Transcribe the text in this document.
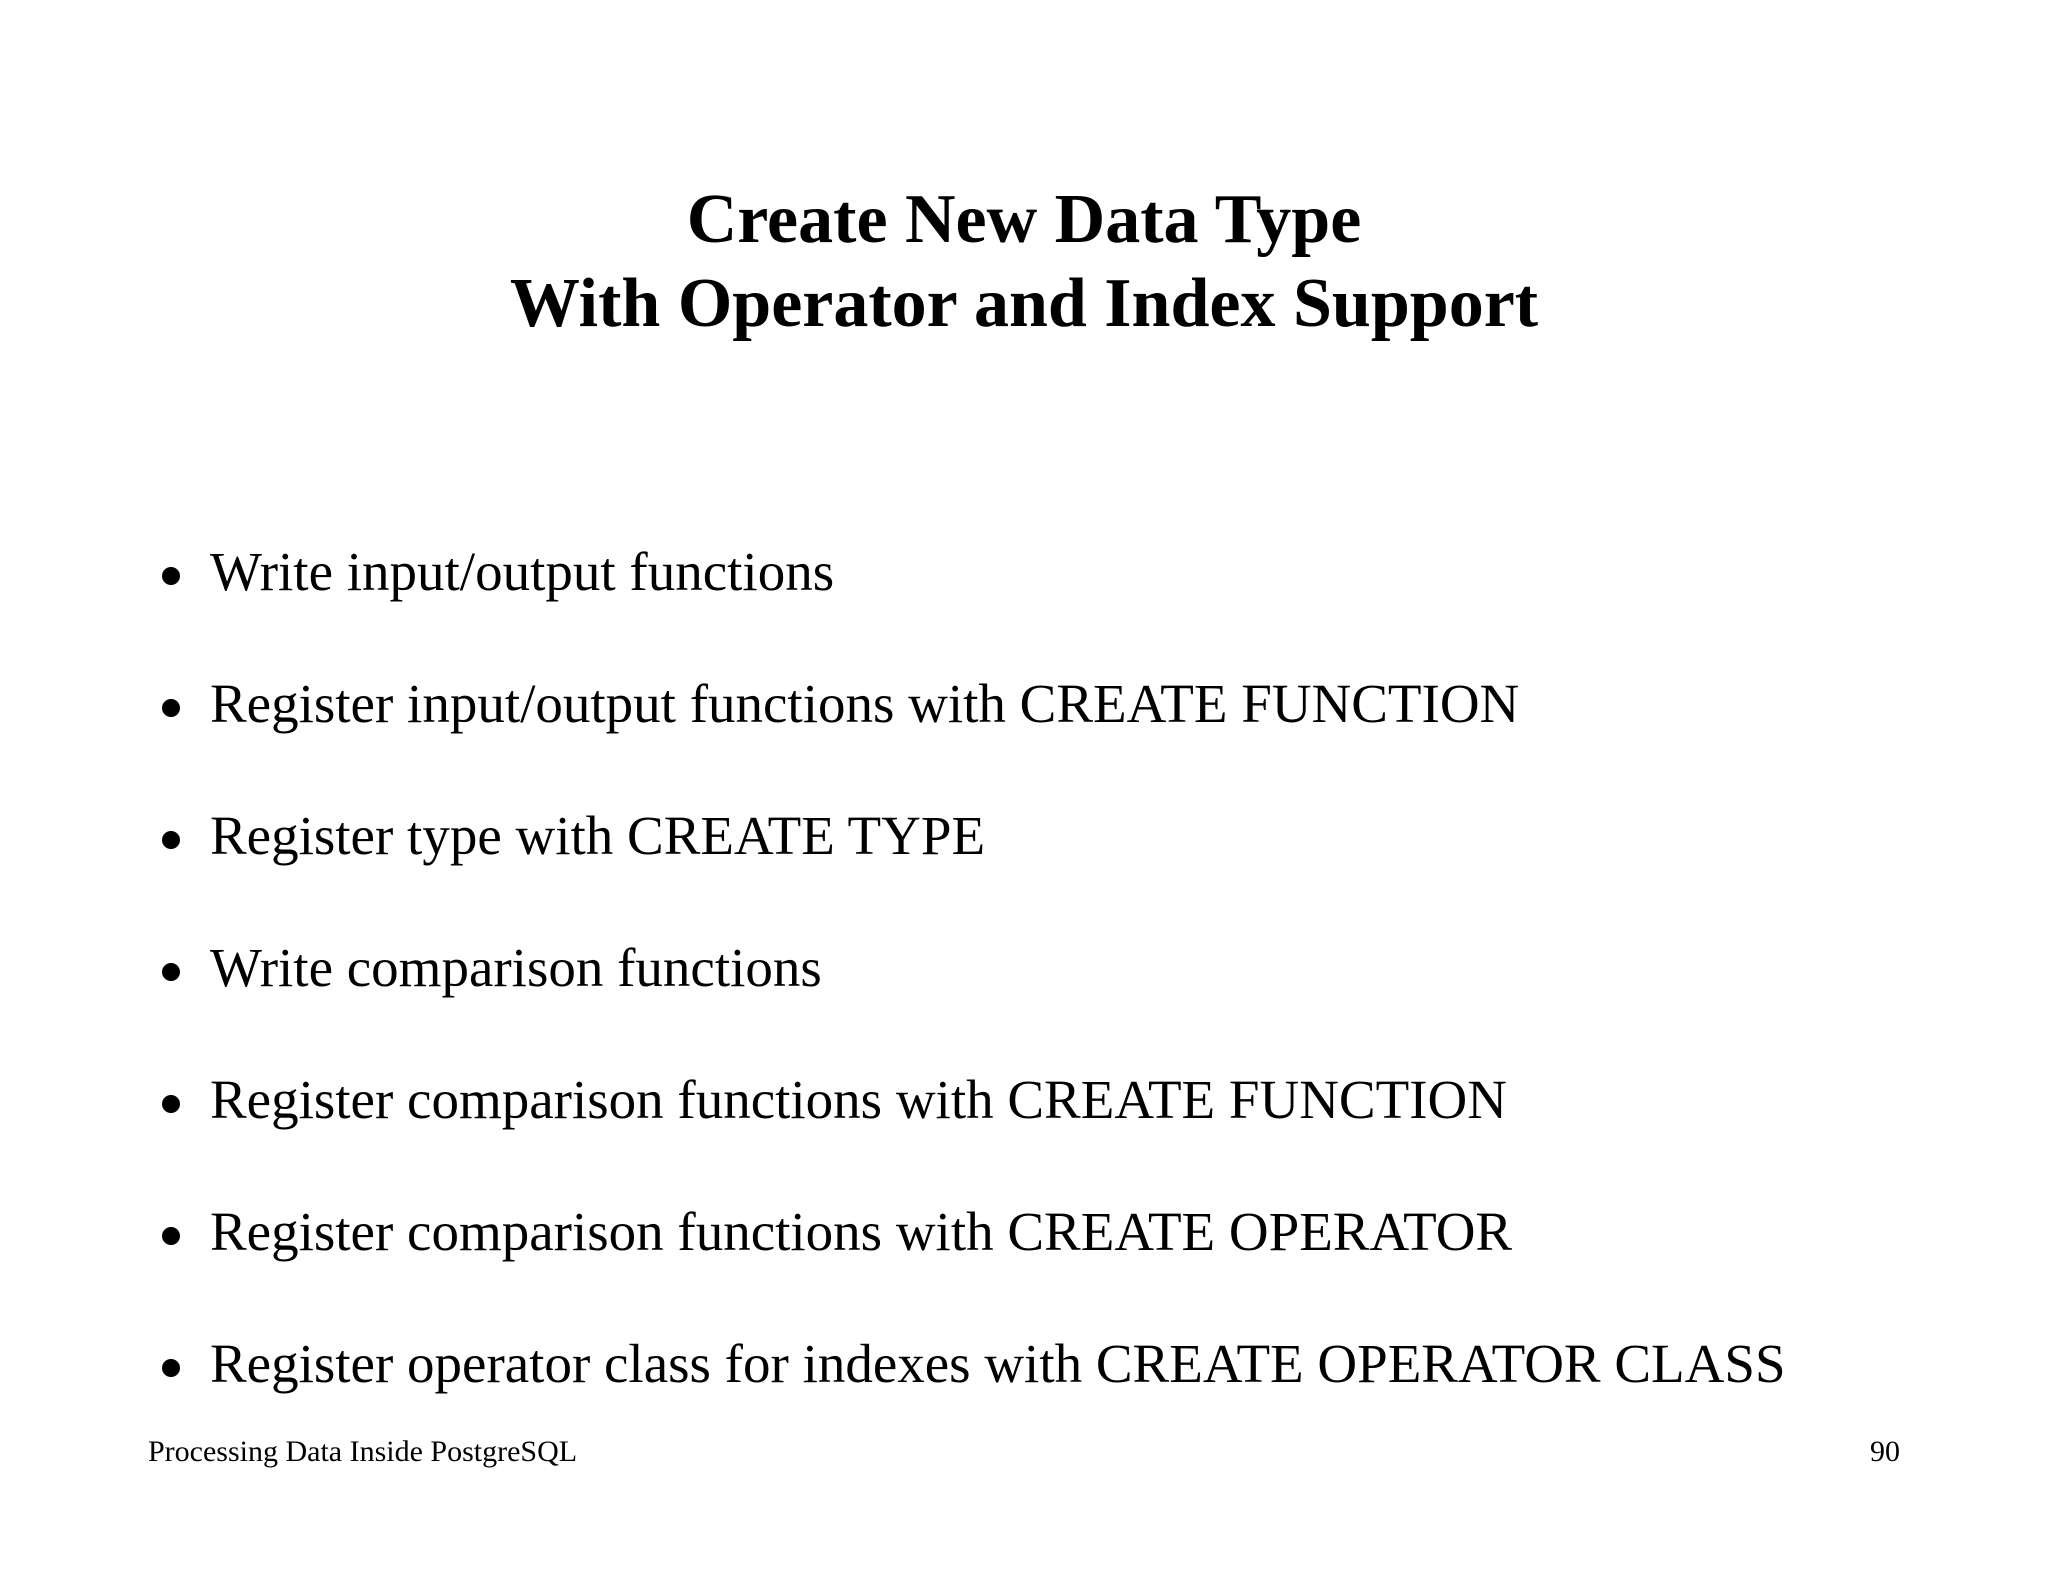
Create New Data Type
With Operator and Index Support
Write input/output functions
Register input/output functions with CREATE FUNCTION
Register type with CREATE TYPE
Write comparison functions
Register comparison functions with CREATE FUNCTION
Register comparison functions with CREATE OPERATOR
Register operator class for indexes with CREATE OPERATOR CLASS
Processing Data Inside PostgreSQL	90
